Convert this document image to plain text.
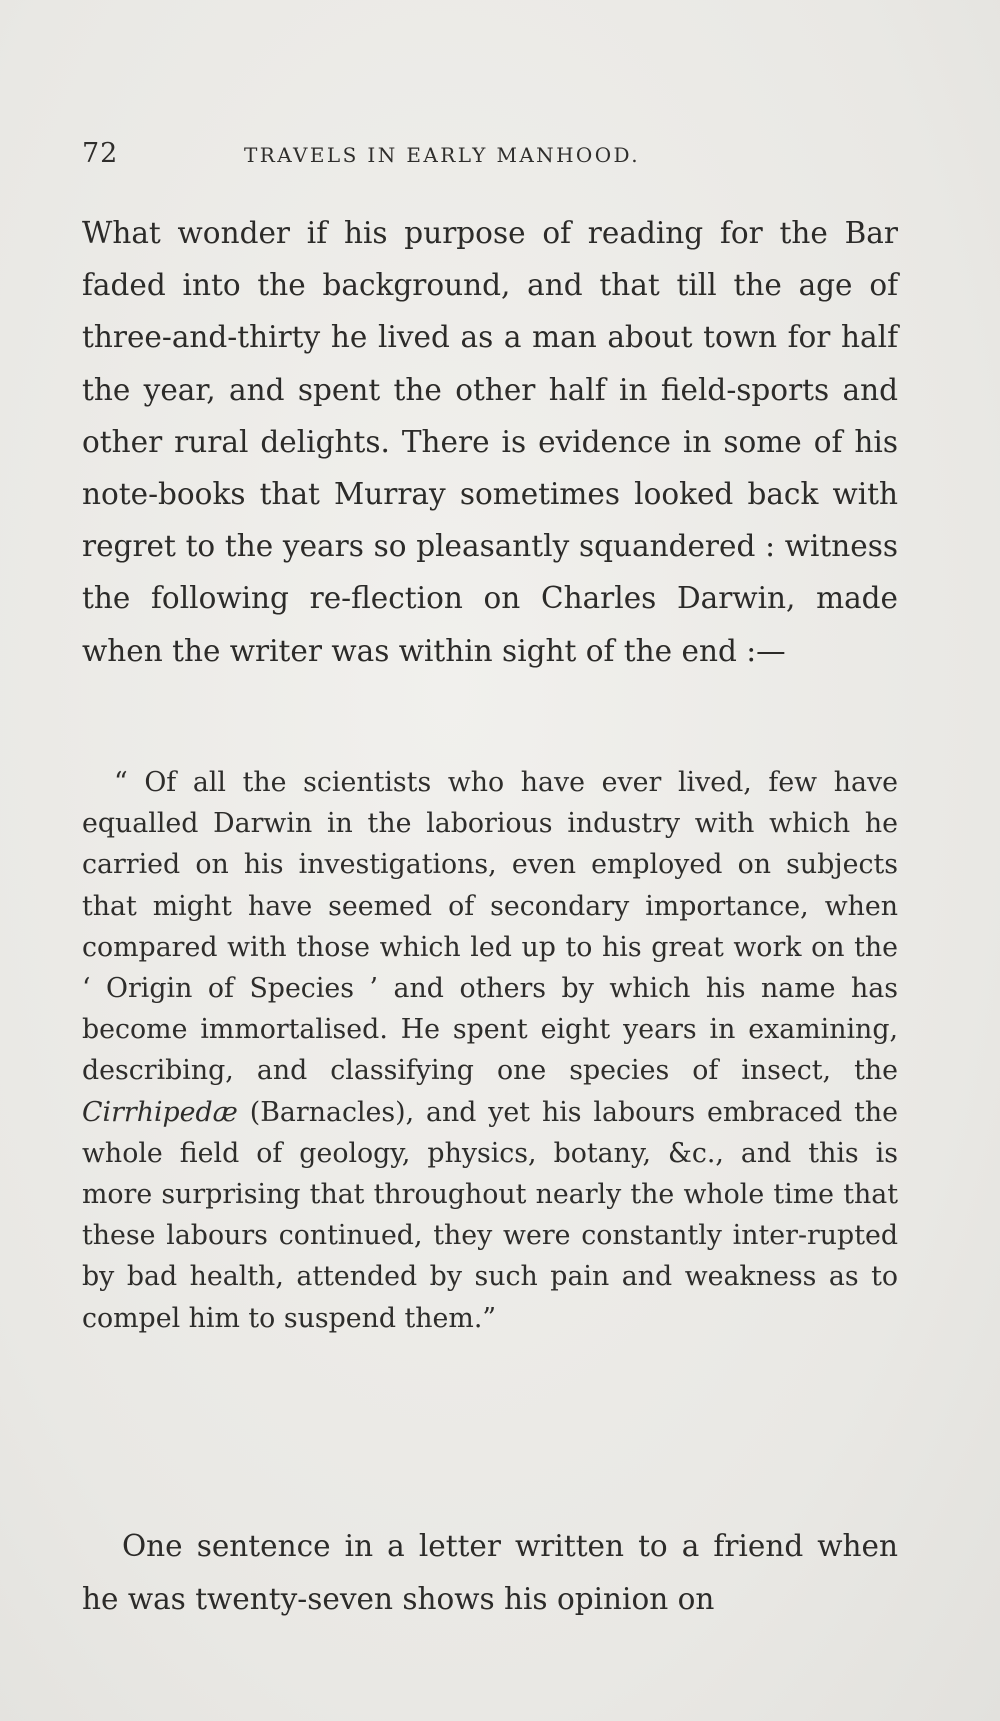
72	TRAVELS IN EARLY MANHOOD.

What wonder if his purpose of reading for the Bar faded into the background, and that till the age of three-and-thirty he lived as a man about town for half the year, and spent the other half in field-sports and other rural delights. There is evidence in some of his note-books that Murray sometimes looked back with regret to the years so pleasantly squandered : witness the following re-flection on Charles Darwin, made when the writer was within sight of the end :—

“ Of all the scientists who have ever lived, few have equalled Darwin in the laborious industry with which he carried on his investigations, even employed on subjects that might have seemed of secondary importance, when compared with those which led up to his great work on the ‘ Origin of Species ’ and others by which his name has become immortalised. He spent eight years in examining, describing, and classifying one species of insect, the Cirrhipedæ (Barnacles), and yet his labours embraced the whole field of geology, physics, botany, &c., and this is more surprising that throughout nearly the whole time that these labours continued, they were constantly inter-rupted by bad health, attended by such pain and weakness as to compel him to suspend them.”

One sentence in a letter written to a friend when he was twenty-seven shows his opinion on
